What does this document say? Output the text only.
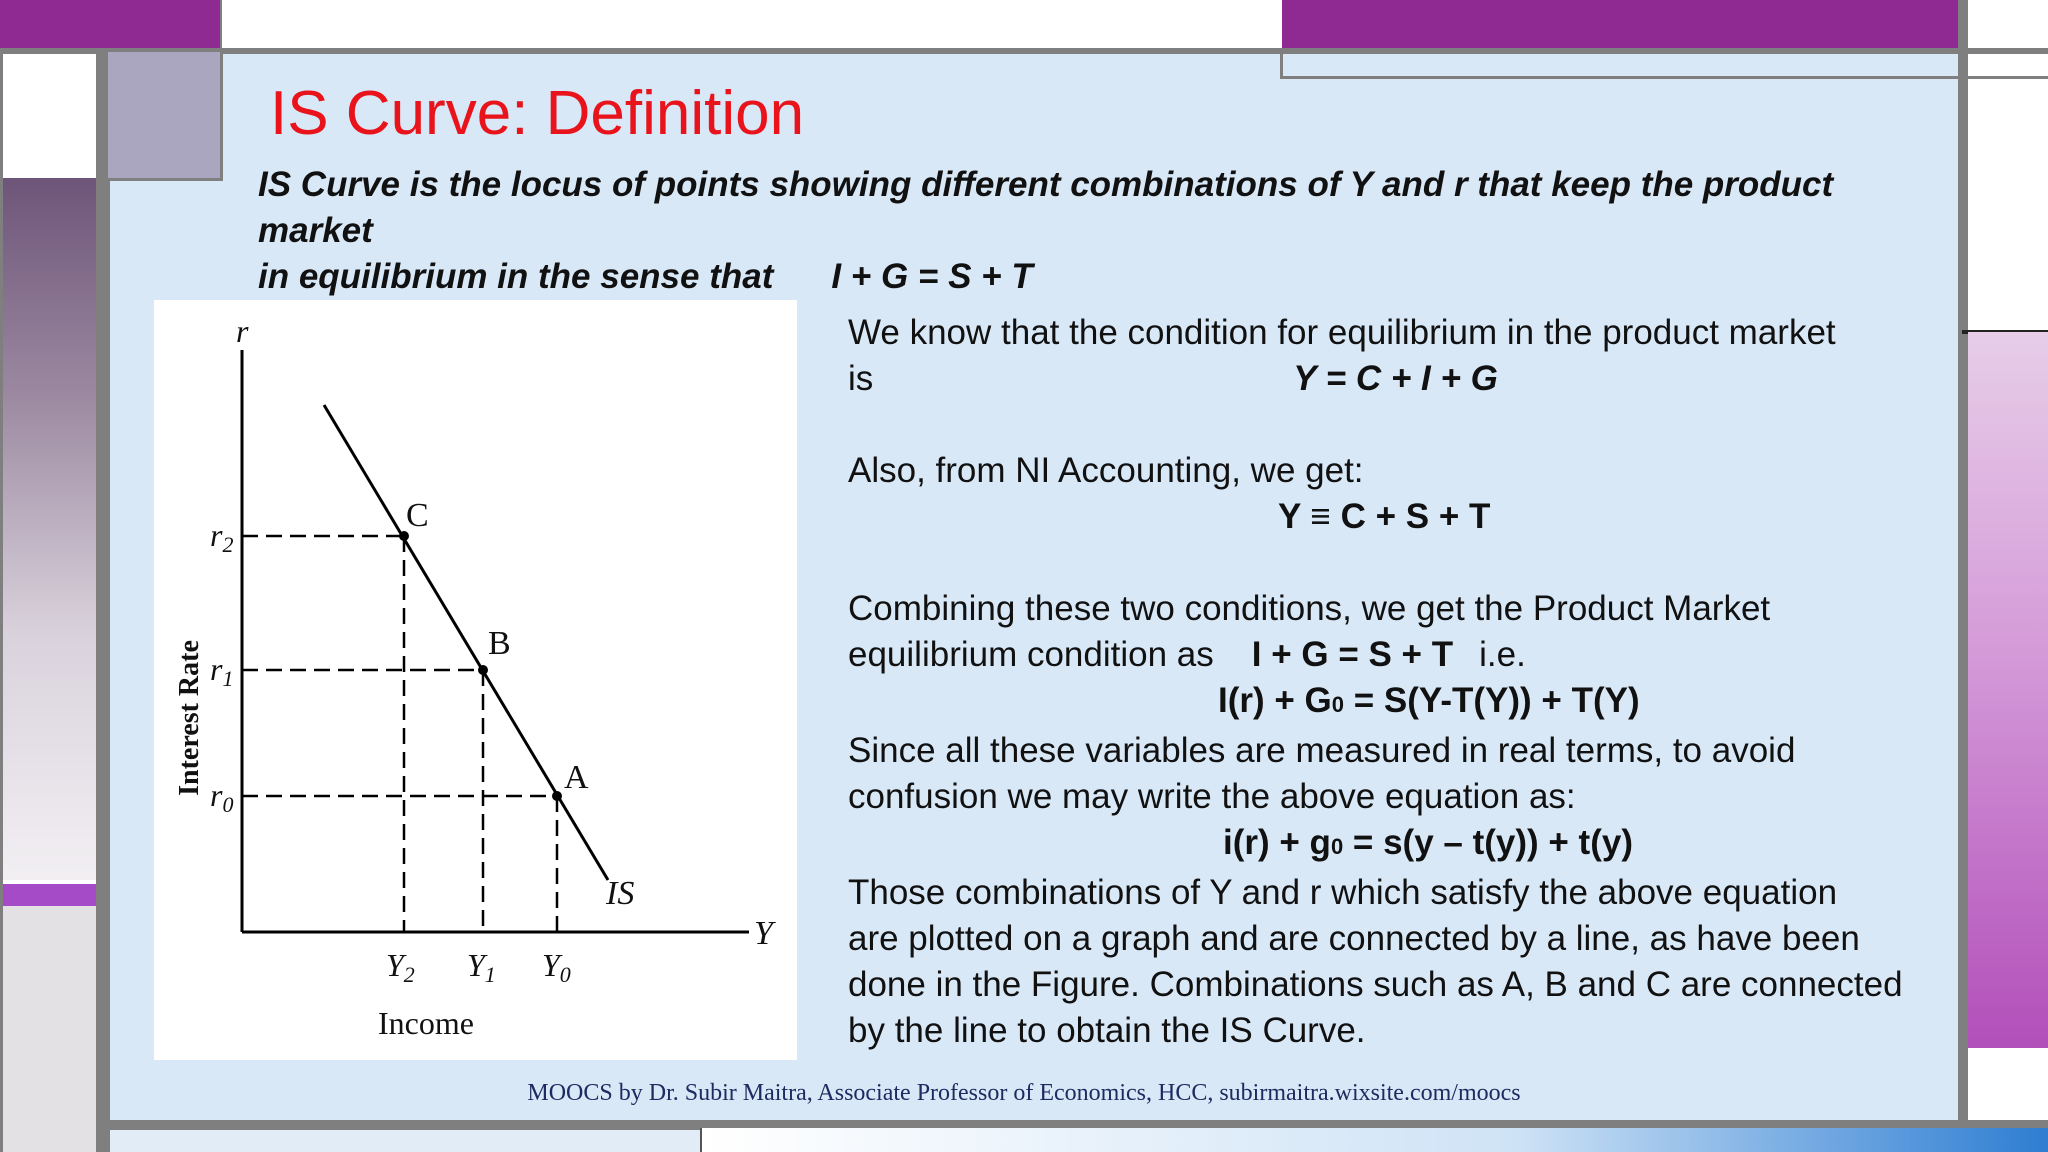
IS Curve: Definition
IS Curve is the locus of points showing different combinations of Y and r that keep the product market
in equilibrium in the sense that I + G = S + T
C
B
A
IS
Y
r
r2
r1
r0
Y2 Y1 Y0
Income
Interest Rate

We know that the condition for equilibrium in the product market

is	Y = C + I + G

Also, from NI Accounting, we get:

Y ≡ C + S + T

Combining these two conditions, we get the Product Market

equilibrium condition as I + G = S + T i.e.

I(r) + G0 = S(Y-T(Y)) + T(Y)

Since all these variables are measured in real terms, to avoid

confusion we may write the above equation as:

i(r) + g0 = s(y – t(y)) + t(y)

Those combinations of Y and r which satisfy the above equation

are plotted on a graph and are connected by a line, as have been

done in the Figure. Combinations such as A, B and C are connected

by the line to obtain the IS Curve.

MOOCS by Dr. Subir Maitra, Associate Professor of Economics, HCC, subirmaitra.wixsite.com/moocs
